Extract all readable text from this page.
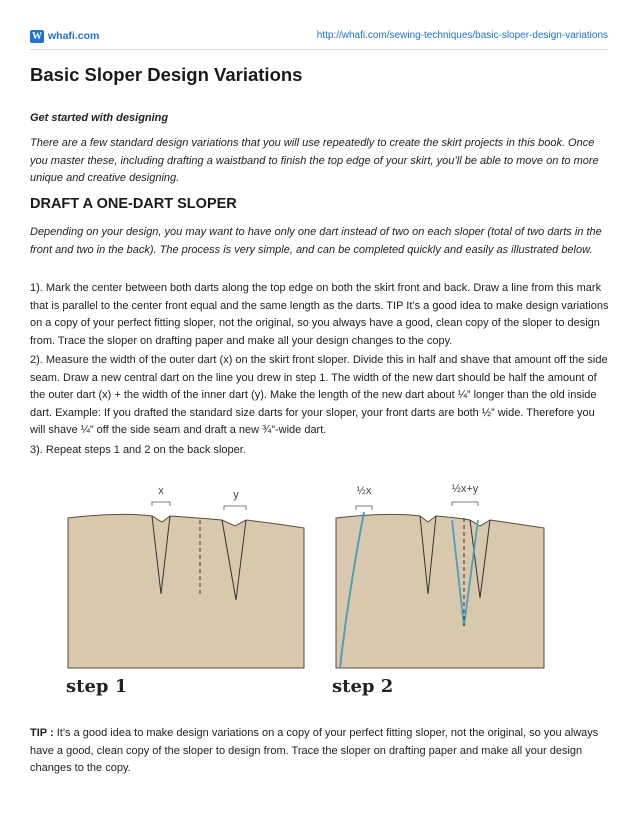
W whafi.com	http://whafi.com/sewing-techniques/basic-sloper-design-variations
Basic Sloper Design Variations

Get started with designing

There are a few standard design variations that you will use repeatedly to create the skirt projects in this book. Once you master these, including drafting a waistband to finish the top edge of your skirt, you’ll be able to move on to more unique and creative designing.

DRAFT A ONE-DART SLOPER

Depending on your design, you may want to have only one dart instead of two on each sloper (total of two darts in the front and two in the back). The process is very simple, and can be completed quickly and easily as illustrated below.

1). Mark the center between both darts along the top edge on both the skirt front and back. Draw a line from this mark that is parallel to the center front equal and the same length as the darts. TIP It’s a good idea to make design variations on a copy of your perfect fitting sloper, not the original, so you always have a good, clean copy of the sloper to design from. Trace the sloper on drafting paper and make all your design changes to the copy.

2). Measure the width of the outer dart (x) on the skirt front sloper. Divide this in half and shave that amount off the side seam. Draw a new central dart on the line you drew in step 1. The width of the new dart should be half the amount of the outer dart (x) + the width of the inner dart (y). Make the length of the new dart about ¼” longer than the old inside dart. Example: If you drafted the standard size darts for your sloper, your front darts are both ½” wide. Therefore you will shave ¼” off the side seam and draft a new ¾”-wide dart.

3). Repeat steps 1 and 2 on the back sloper.

x	y
step 1
½x	½x+y
step 2

TIP : It’s a good idea to make design variations on a copy of your perfect fitting sloper, not the original, so you always have a good, clean copy of the sloper to design from. Trace the sloper on drafting paper and make all your design changes to the copy.
